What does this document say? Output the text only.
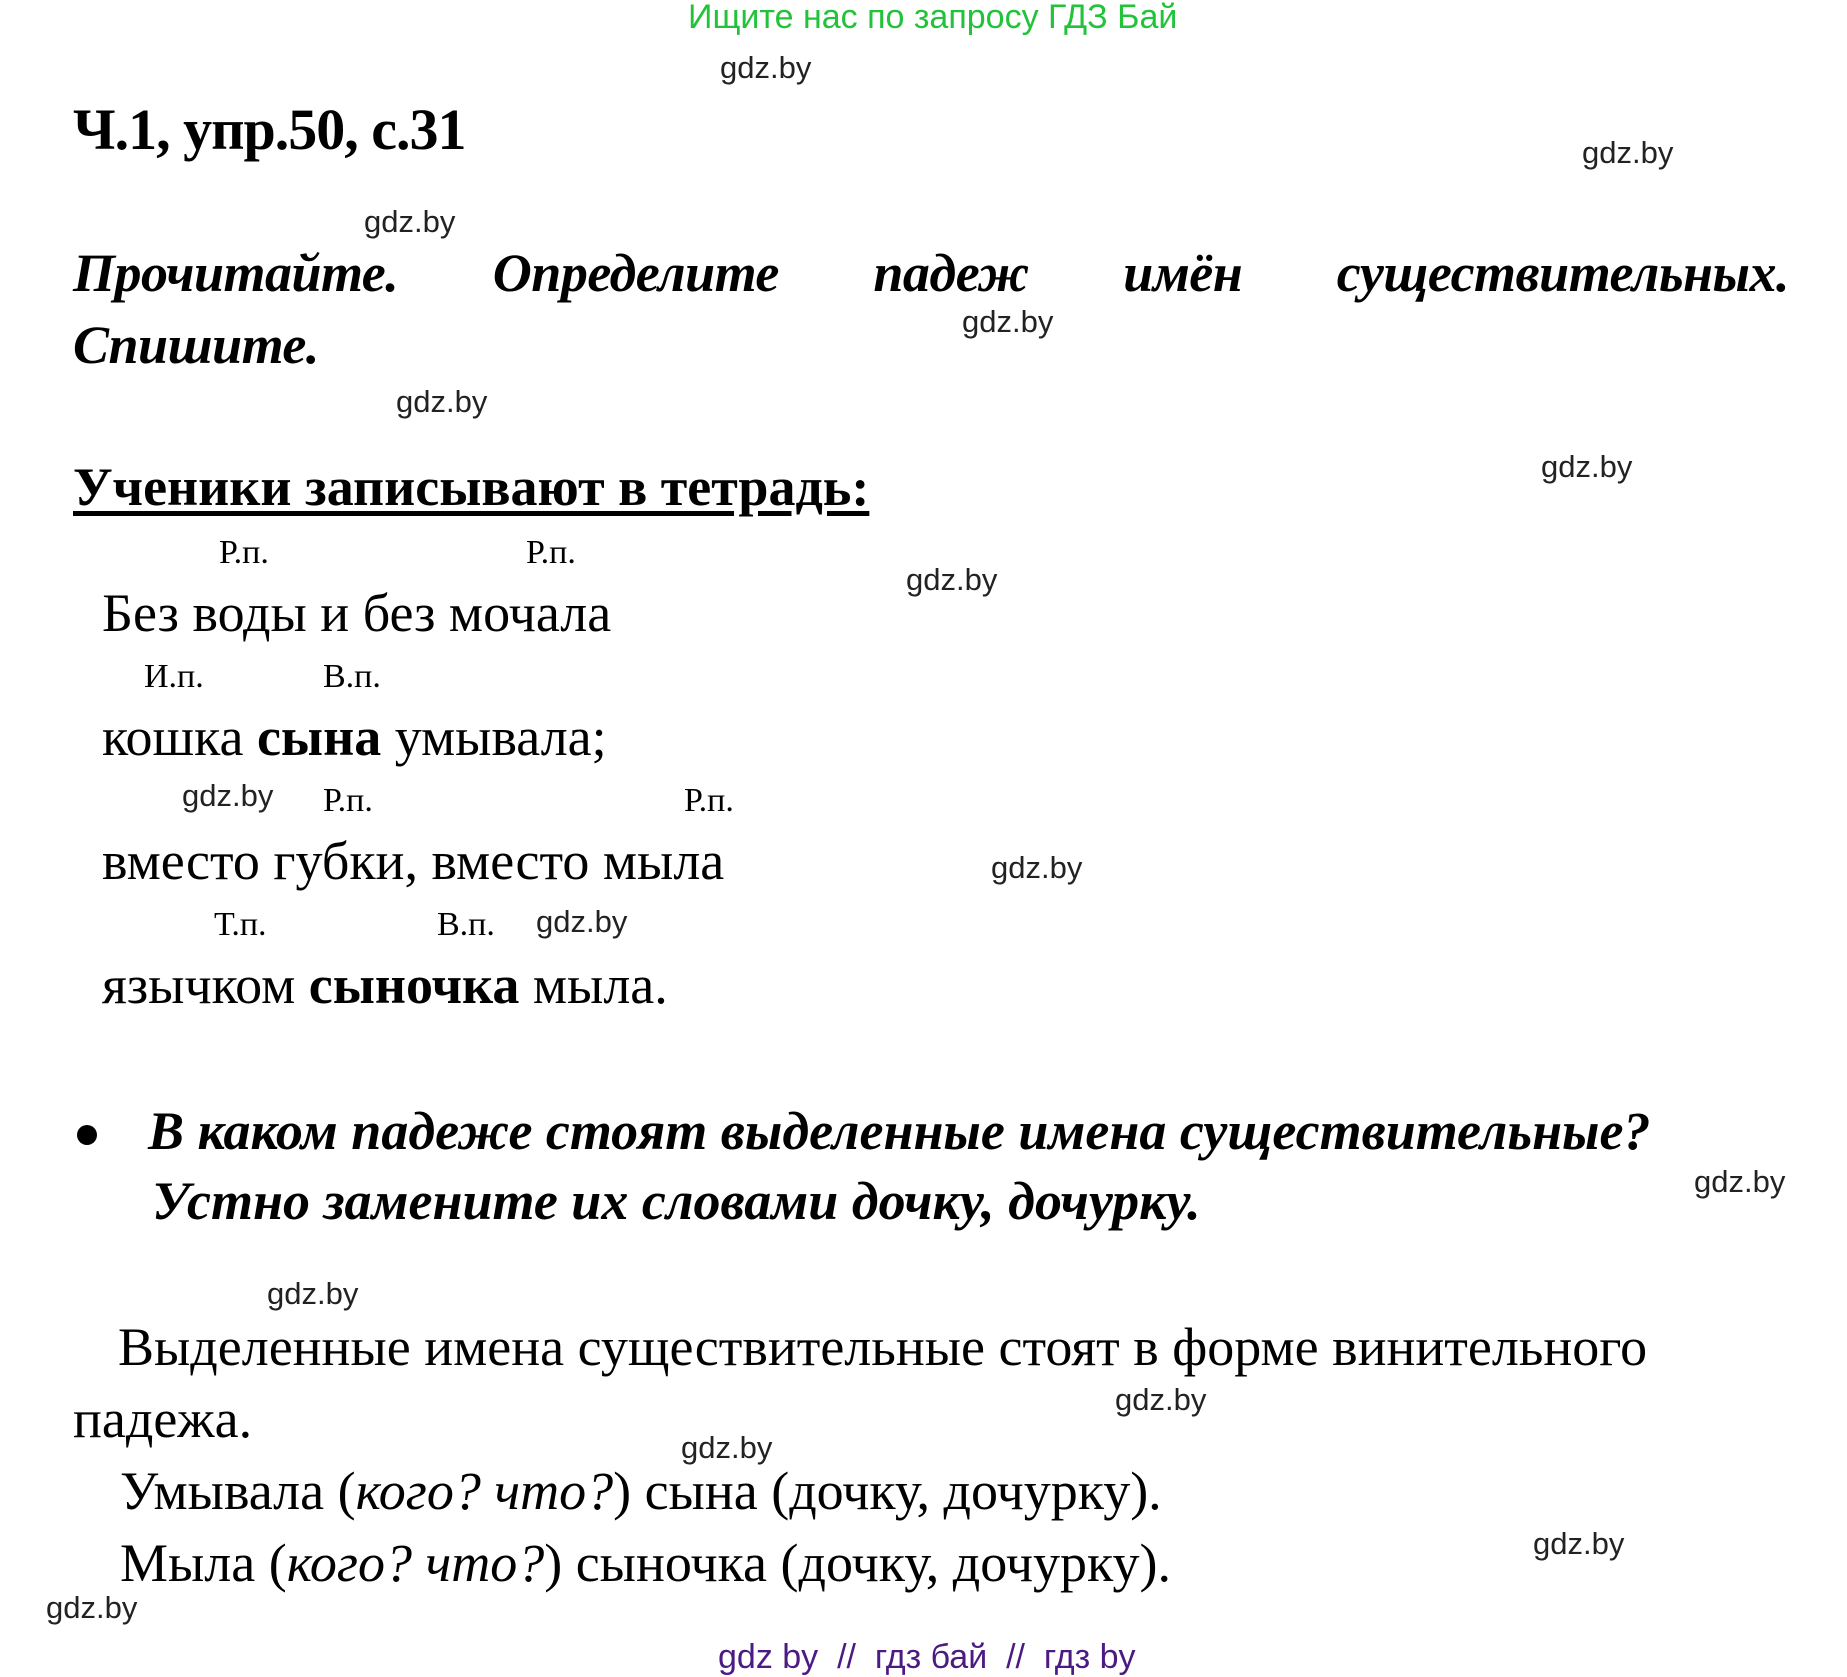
Ищите нас по запросу ГДЗ Бай
gdz.by
gdz.by
gdz.by
gdz.by
gdz.by
gdz.by
gdz.by
gdz.by
gdz.by
gdz.by
gdz.by
gdz.by
gdz.by
gdz.by
gdz.by
gdz.by
Ч.1, упр.50, с.31
Прочитайте. Определите падеж имён существительных.
Спишите.
Ученики записывают в тетрадь:
Р.п.	Р.п.
Без воды и без мочала
И.п.	В.п.
кошка сына умывала;
Р.п.	Р.п.
вместо губки, вместо мыла
Т.п.	В.п.
язычком сыночка мыла.
В каком падеже стоят выделенные имена существительные?
Устно замените их словами дочку, дочурку.
Выделенные имена существительные стоят в форме винительного
падежа.
Умывала (кого? что?) сына (дочку, дочурку).
Мыла (кого? что?) сыночка (дочку, дочурку).
gdz by  //  гдз бай  //  гдз by
